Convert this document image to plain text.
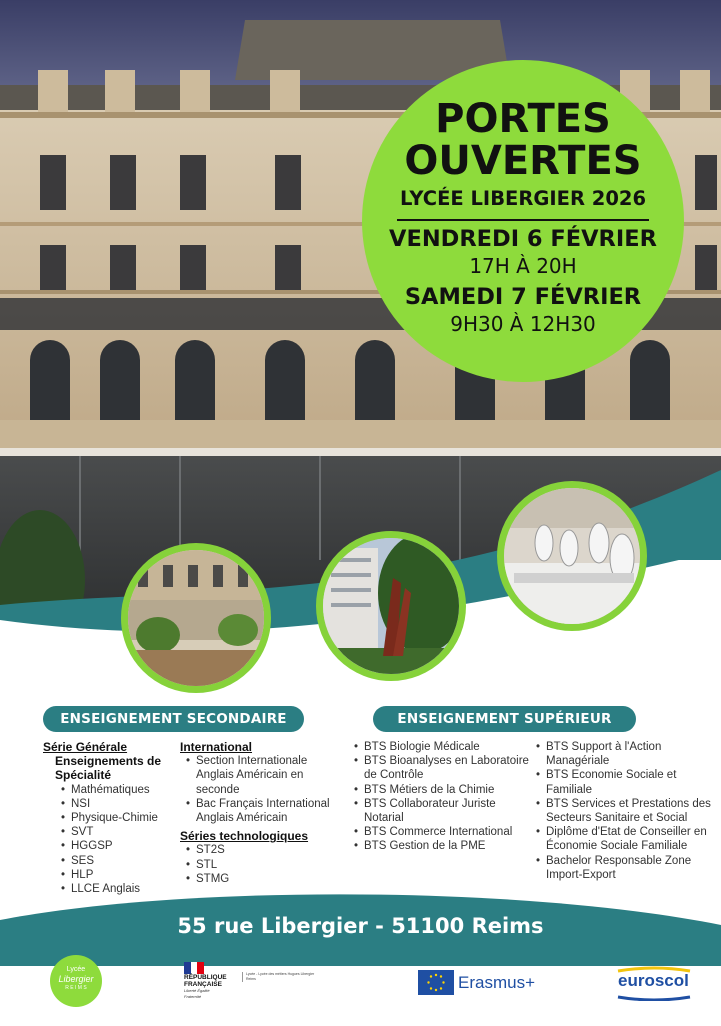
PORTES
OUVERTES
LYCÉE LIBERGIER 2026
VENDREDI 6 FÉVRIER
17H À 20H
SAMEDI 7 FÉVRIER
9H30 À 12H30
ENSEIGNEMENT SECONDAIRE	ENSEIGNEMENT SUPÉRIEUR
Série Générale
Enseignements de Spécialité
• Mathématiques
• NSI
• Physique-Chimie
• SVT
• HGGSP
• SES
• HLP
• LLCE Anglais
International
• Section Internationale Anglais Américain en seconde
• Bac Français International Anglais Américain
Séries technologiques
• ST2S
• STL
• STMG
• BTS Biologie Médicale
• BTS Bioanalyses en Laboratoire de Contrôle
• BTS Métiers de la Chimie
• BTS Collaborateur Juriste Notarial
• BTS Commerce International
• BTS Gestion de la PME
• BTS Support à l'Action Managériale
• BTS Economie Sociale et Familiale
• BTS Services et Prestations des Secteurs Sanitaire et Social
• Diplôme d'Etat de Conseiller en Économie Sociale Familiale
• Bachelor Responsable Zone Import-Export
55 rue Libergier - 51100 Reims
Lycée
Libergier
R E I M S
RÉPUBLIQUE
FRANÇAISE
Liberté Égalité Fraternité
Lycée - Lycée des métiers Hugues Libergier Reims	Erasmus+	euroscol
